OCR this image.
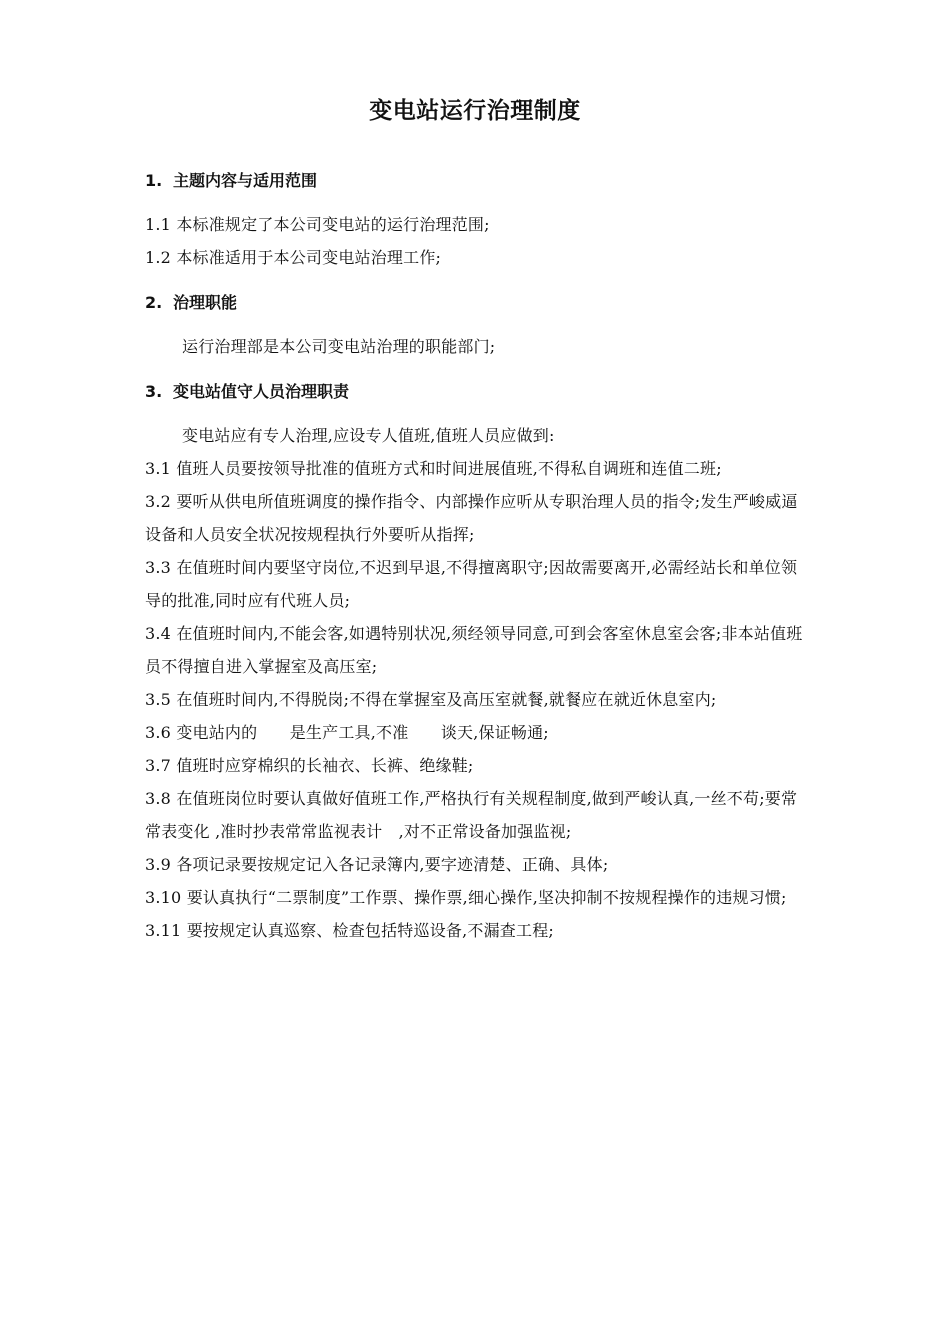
变电站运行治理制度
1. 主题内容与适用范围

1.1 本标准规定了本公司变电站的运行治理范围;

1.2 本标准适用于本公司变电站治理工作;

2. 治理职能

运行治理部是本公司变电站治理的职能部门;

3. 变电站值守人员治理职责

变电站应有专人治理,应设专人值班,值班人员应做到:

3.1 值班人员要按领导批准的值班方式和时间进展值班,不得私自调班和连值二班;

3.2 要听从供电所值班调度的操作指令、内部操作应听从专职治理人员的指令;发生严峻威逼设备和人员安全状况按规程执行外要听从指挥;

3.3 在值班时间内要坚守岗位,不迟到早退,不得擅离职守;因故需要离开,必需经站长和单位领导的批准,同时应有代班人员;

3.4 在值班时间内,不能会客,如遇特别状况,须经领导同意,可到会客室休息室会客;非本站值班员不得擅自进入掌握室及高压室;

3.5 在值班时间内,不得脱岗;不得在掌握室及高压室就餐,就餐应在就近休息室内;

3.6 变电站内的　　是生产工具,不准　　谈天,保证畅通;

3.7 值班时应穿棉织的长袖衣、长裤、绝缘鞋;

3.8 在值班岗位时要认真做好值班工作,严格执行有关规程制度,做到严峻认真,一丝不苟;要常常表变化 ,准时抄表常常监视表计　,对不正常设备加强监视;

3.9 各项记录要按规定记入各记录簿内,要字迹清楚、正确、具体;

3.10 要认真执行“二票制度”工作票、操作票,细心操作,坚决抑制不按规程操作的违规习惯;

3.11 要按规定认真巡察、检查包括特巡设备,不漏查工程;
